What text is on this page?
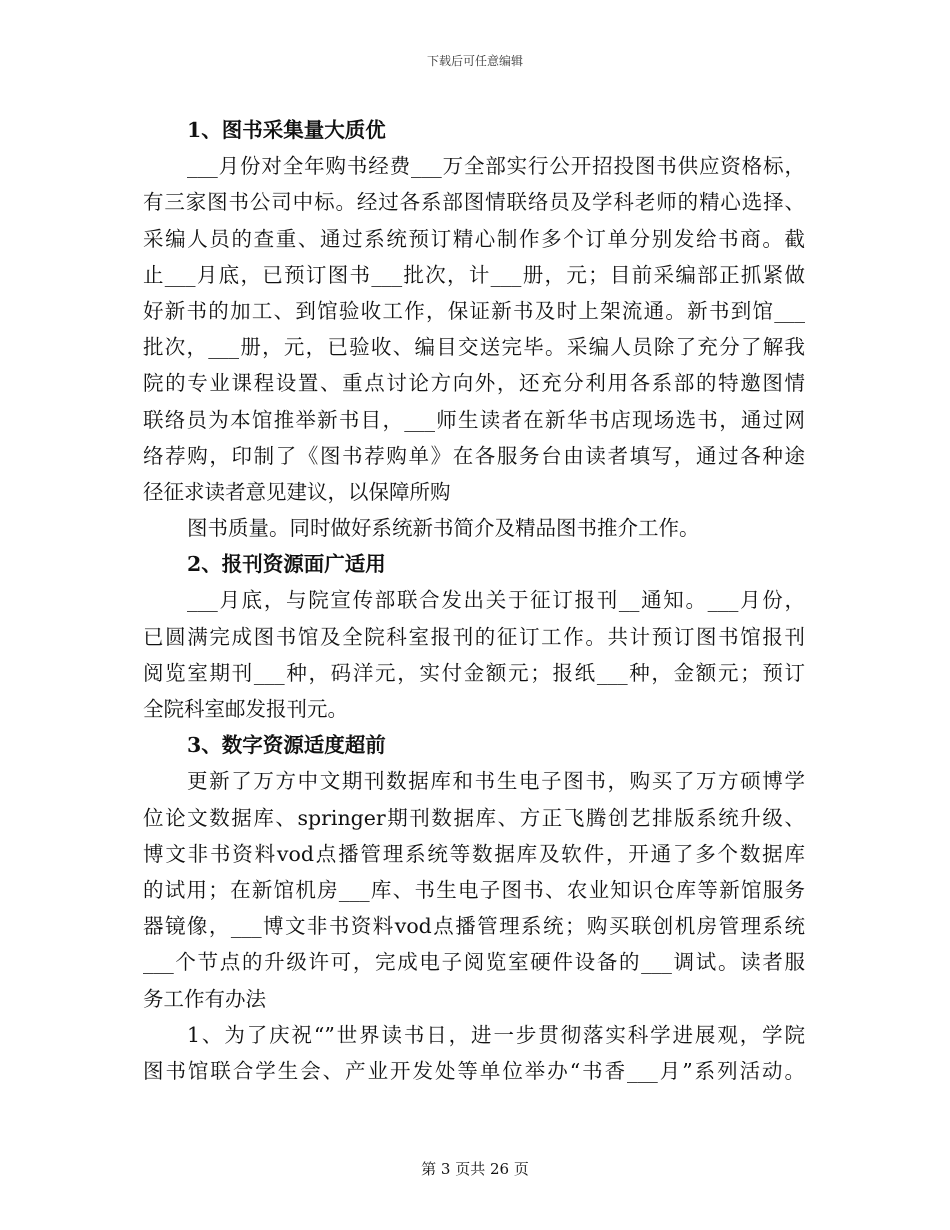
下载后可任意编辑
1、图书采集量大质优
___月份对全年购书经费___万全部实行公开招投图书供应资格标，
有三家图书公司中标。经过各系部图情联络员及学科老师的精心选择、
采编人员的查重、通过系统预订精心制作多个订单分别发给书商。截
止___月底，已预订图书___批次，计___册，元；目前采编部正抓紧做
好新书的加工、到馆验收工作，保证新书及时上架流通。新书到馆___
批次，___册，元，已验收、编目交送完毕。采编人员除了充分了解我
院的专业课程设置、重点讨论方向外，还充分利用各系部的特邀图情
联络员为本馆推举新书目，___师生读者在新华书店现场选书，通过网
络荐购，印制了《图书荐购单》在各服务台由读者填写，通过各种途
径征求读者意见建议，以保障所购
图书质量。同时做好系统新书简介及精品图书推介工作。
2、报刊资源面广适用
___月底，与院宣传部联合发出关于征订报刊__通知。___月份，
已圆满完成图书馆及全院科室报刊的征订工作。共计预订图书馆报刊
阅览室期刊___种，码洋元，实付金额元；报纸___种，金额元；预订
全院科室邮发报刊元。
3、数字资源适度超前
更新了万方中文期刊数据库和书生电子图书，购买了万方硕博学
位论文数据库、springer期刊数据库、方正飞腾创艺排版系统升级、
博文非书资料vod点播管理系统等数据库及软件，开通了多个数据库
的试用；在新馆机房___库、书生电子图书、农业知识仓库等新馆服务
器镜像，___博文非书资料vod点播管理系统；购买联创机房管理系统
___个节点的升级许可，完成电子阅览室硬件设备的___调试。读者服
务工作有办法
1、为了庆祝“”世界读书日，进一步贯彻落实科学进展观，学院
图书馆联合学生会、产业开发处等单位举办“书香___月”系列活动。
第 3 页共 26 页
